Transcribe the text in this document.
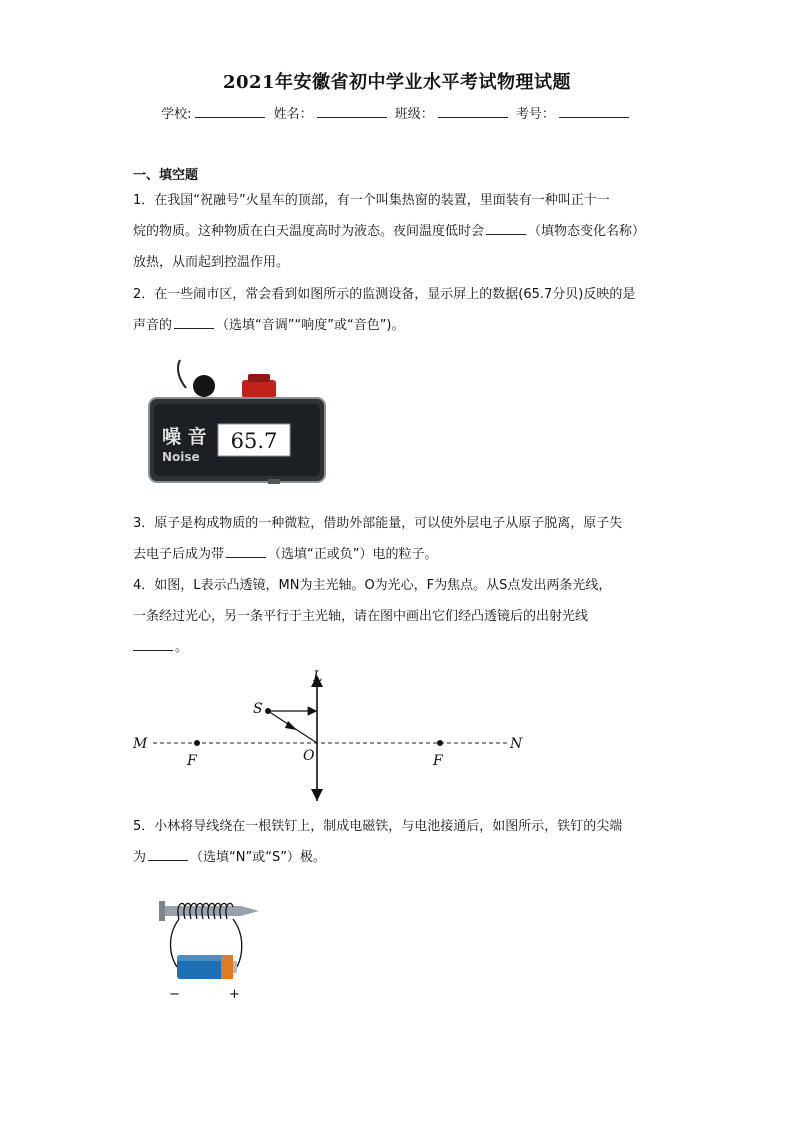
2021年安徽省初中学业水平考试物理试题
学校:	姓名：	班级：	考号：
一、填空题
1．在我国“祝融号”火星车的顶部，有一个叫集热窗的装置，里面装有一种叫正十一
烷的物质。这种物质在白天温度高时为液态。夜间温度低时会	（填物态变化名称）
放热，从而起到控温作用。
2．在一些闹市区，常会看到如图所示的监测设备，显示屏上的数据(65.7分贝)反映的是
声音的	（选填“音调”“响度”或“音色”)。
噪 音
Noise
65.7
3．原子是构成物质的一种微粒，借助外部能量，可以使外层电子从原子脱离，原子失
去电子后成为带	（选填“正或负”）电的粒子。
4．如图，L表示凸透镜，MN为主光轴。O为光心，F为焦点。从S点发出两条光线，
一条经过光心，另一条平行于主光轴，请在图中画出它们经凸透镜后的出射光线
。
L
S
M	N
O
F	F
5．小林将导线绕在一根铁钉上，制成电磁铁，与电池接通后，如图所示，铁钉的尖端
为	（选填“N”或“S”）极。
−	+
